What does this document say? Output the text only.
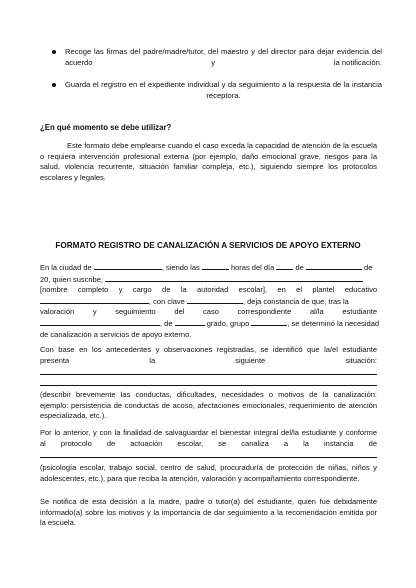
Recoge las firmas del padre/madre/tutor, del maestro y del director para dejar evidencia del
acuerdo	y	la notificación.
Guarda el registro en el expediente individual y da seguimiento a la respuesta de la instancia
receptora.
¿En qué momento se debe utilizar?

Este formato debe emplearse cuando el caso exceda la capacidad de atención de la escuela
o requiera intervención profesional externa (por ejemplo, daño emocional grave, riesgos para la
salud, violencia recurrente, situación familiar compleja, etc.), siguiendo siempre los protocolos
escolares y legales.

FORMATO REGISTRO DE CANALIZACIÓN A SERVICIOS DE APOYO EXTERNO

En la ciudad de	, siendo las	horas del día	de	de
20, quien suscribe,
[nombre completo y cargo de la autoridad escolar], en el plantel educativo
, con clave	, deja constancia de que, tras la
valoración y seguimiento del caso correspondiente al/la estudiante
, de	grado, grupo	, se determinó la necesidad
de canalización a servicios de apoyo externo.

Con base en los antecedentes y observaciones registradas, se identificó que la/el estudiante
presenta la siguiente situación:

(describir brevemente las conductas, dificultades, necesidades o motivos de la canalización:
ejemplo: persistencia de conductas de acoso, afectaciones emocionales, requerimiento de atención
especializada, etc.).

Por lo anterior, y con la finalidad de salvaguardar el bienestar integral del/la estudiante y conforme
al protocolo de actuación escolar, se canaliza a la instancia de

(psicología escolar, trabajo social, centro de salud, procuraduría de protección de niñas, niños y
adolescentes, etc.), para que reciba la atención, valoración y acompañamiento correspondiente.

Se notifica de esta decisión a la madre, padre o tutor(a) del estudiante, quien fue debidamente
informado(a) sobre los motivos y la importancia de dar seguimiento a la recomendación emitida por
la escuela.
